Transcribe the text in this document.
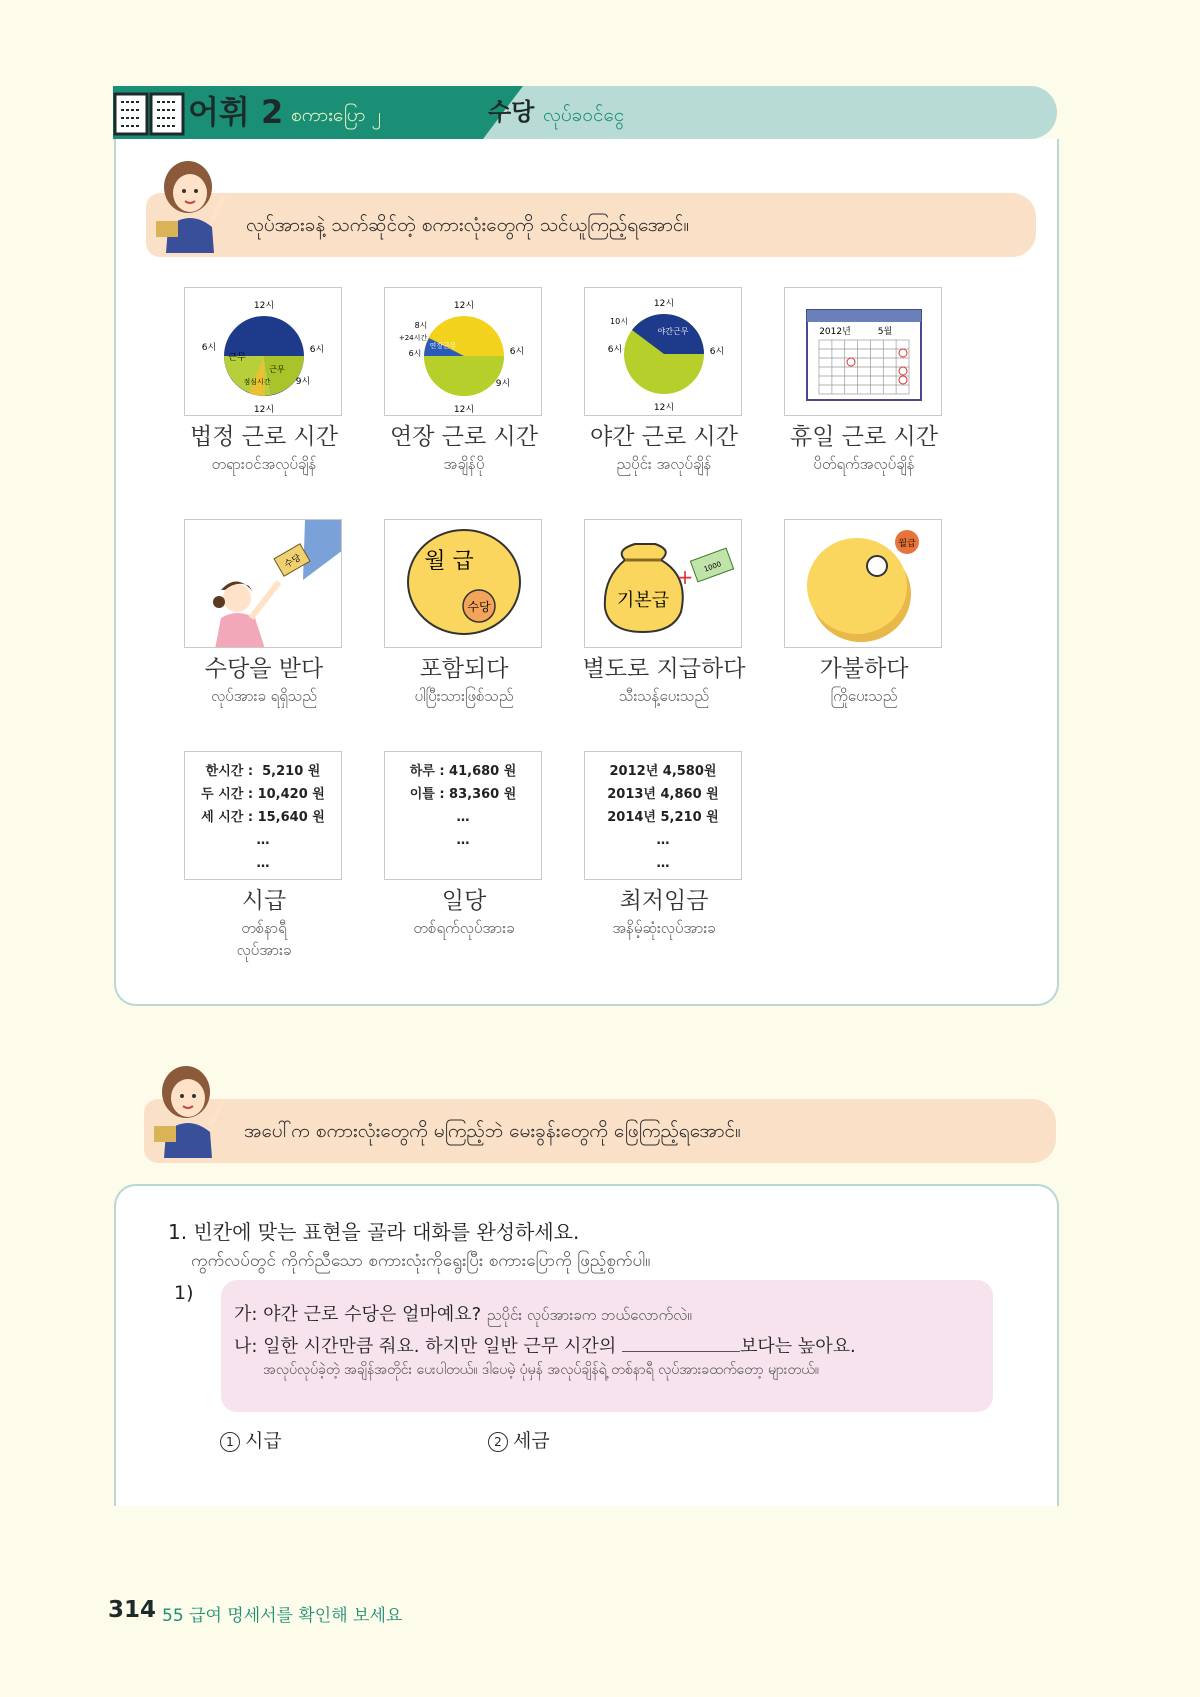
어휘 2 စကားပြော ၂	수당 လုပ်ခဝင်ငွေ
လုပ်အားခနဲ့ သက်ဆိုင်တဲ့ စကားလုံးတွေကို သင်ယူကြည့်ရအောင်။
12시
6시	6시
12시
9시
근무
근무
점심시간
법정 근로 시간
တရားဝင်အလုပ်ချိန်
12시
6시
12시
9시
8시
+24시간
6시
연장근무
연장 근로 시간
အချိန်ပို
12시
10시
6시	6시
12시
야간근무
야간 근로 시간
ညပိုင်း အလုပ်ချိန်
2012년	5월
휴일 근로 시간
ပိတ်ရက်အလုပ်ချိန်
수당
수당을 받다
လုပ်အားခ ရရှိသည်
월 급
수당
포함되다
ပါပြီးသားဖြစ်သည်
기본급
+ 1000
별도로 지급하다
သီးသန့်ပေးသည်
월급
가불하다
ကြိုပေးသည်
한시간 :  5,210 원
두 시간 : 10,420 원
세 시간 : 15,640 원
…
…
시급
တစ်နာရီ
လုပ်အားခ
하루 : 41,680 원
이틀 : 83,360 원
…
…
일당
တစ်ရက်လုပ်အားခ
2012년 4,580원
2013년 4,860 원
2014년 5,210 원
…
…
최저임금
အနိမ့်ဆုံးလုပ်အားခ
အပေါ်က စကားလုံးတွေကို မကြည့်ဘဲ မေးခွန်းတွေကို ဖြေကြည့်ရအောင်။
1. 빈칸에 맞는 표현을 골라 대화를 완성하세요.
ကွက်လပ်တွင် ကိုက်ညီသော စကားလုံးကိုရွေးပြီး စကားပြောကို ဖြည့်စွက်ပါ။
1)
가: 야간 근로 수당은 얼마예요? ညပိုင်း လုပ်အားခက ဘယ်လောက်လဲ။
나: 일한 시간만큼 줘요. 하지만 일반 근무 시간의	보다는 높아요.
အလုပ်လုပ်ခဲ့တဲ့ အချိန်အတိုင်း ပေးပါတယ်။ ဒါပေမဲ့ ပုံမှန် အလုပ်ချိန်ရဲ့ တစ်နာရီ လုပ်အားခထက်တော့ များတယ်။
1 시급	2 세금
314 55 급여 명세서를 확인해 보세요
